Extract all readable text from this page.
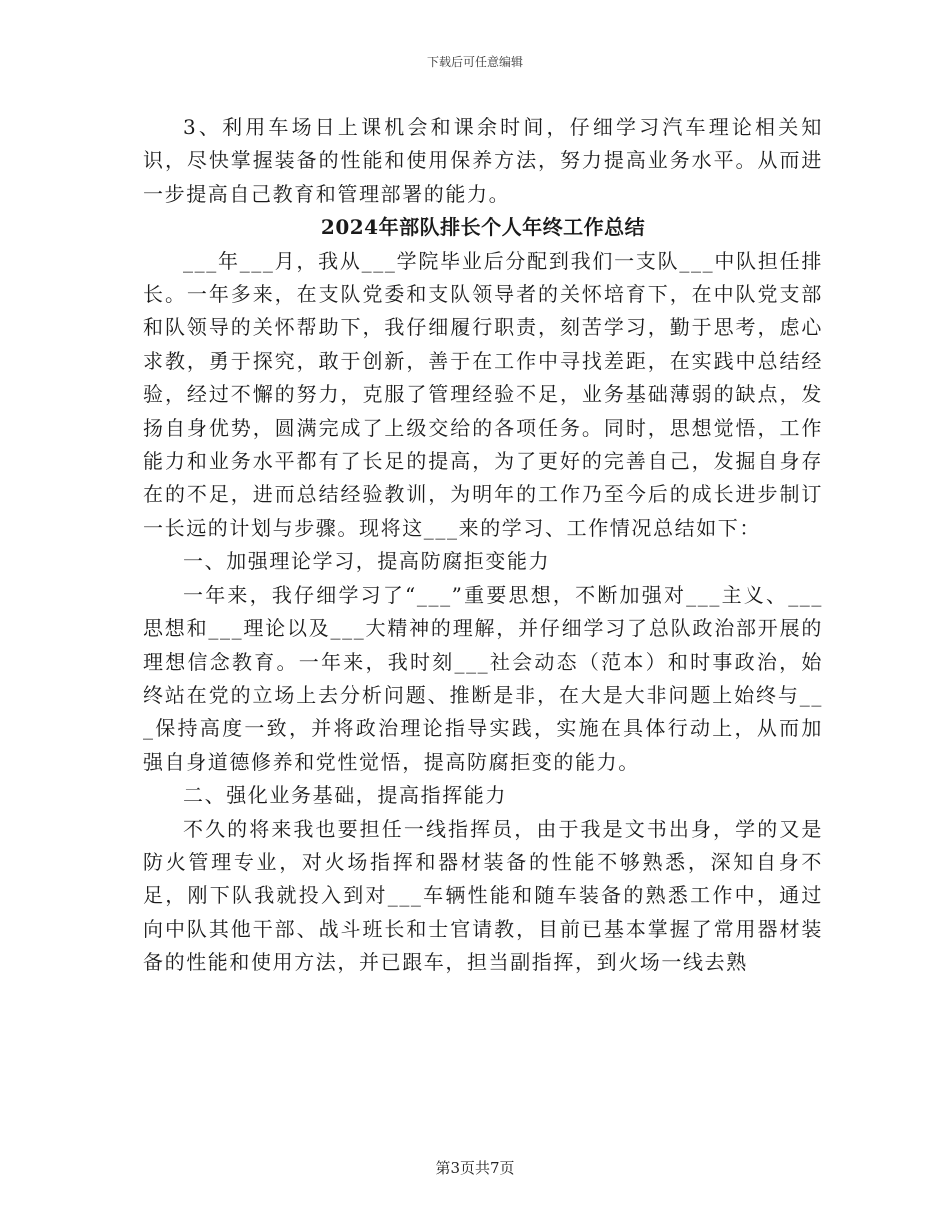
下载后可任意编辑

3、利用车场日上课机会和课余时间，仔细学习汽车理论相关知识，尽快掌握装备的性能和使用保养方法，努力提高业务水平。从而进一步提高自己教育和管理部署的能力。

2024年部队排长个人年终工作总结

___年___月，我从___学院毕业后分配到我们一支队___中队担任排长。一年多来，在支队党委和支队领导者的关怀培育下，在中队党支部和队领导的关怀帮助下，我仔细履行职责，刻苦学习，勤于思考，虑心求教，勇于探究，敢于创新，善于在工作中寻找差距，在实践中总结经验，经过不懈的努力，克服了管理经验不足，业务基础薄弱的缺点，发扬自身优势，圆满完成了上级交给的各项任务。同时，思想觉悟，工作能力和业务水平都有了长足的提高，为了更好的完善自己，发掘自身存在的不足，进而总结经验教训，为明年的工作乃至今后的成长进步制订一长远的计划与步骤。现将这___来的学习、工作情况总结如下：

一、加强理论学习，提高防腐拒变能力

一年来，我仔细学习了“___”重要思想，不断加强对___主义、___思想和___理论以及___大精神的理解，并仔细学习了总队政治部开展的理想信念教育。一年来，我时刻___社会动态（范本）和时事政治，始终站在党的立场上去分析问题、推断是非，在大是大非问题上始终与___保持高度一致，并将政治理论指导实践，实施在具体行动上，从而加强自身道德修养和党性觉悟，提高防腐拒变的能力。

二、强化业务基础，提高指挥能力

不久的将来我也要担任一线指挥员，由于我是文书出身，学的又是防火管理专业，对火场指挥和器材装备的性能不够熟悉，深知自身不足，刚下队我就投入到对___车辆性能和随车装备的熟悉工作中，通过向中队其他干部、战斗班长和士官请教，目前已基本掌握了常用器材装备的性能和使用方法，并已跟车，担当副指挥，到火场一线去熟

第3页共7页
